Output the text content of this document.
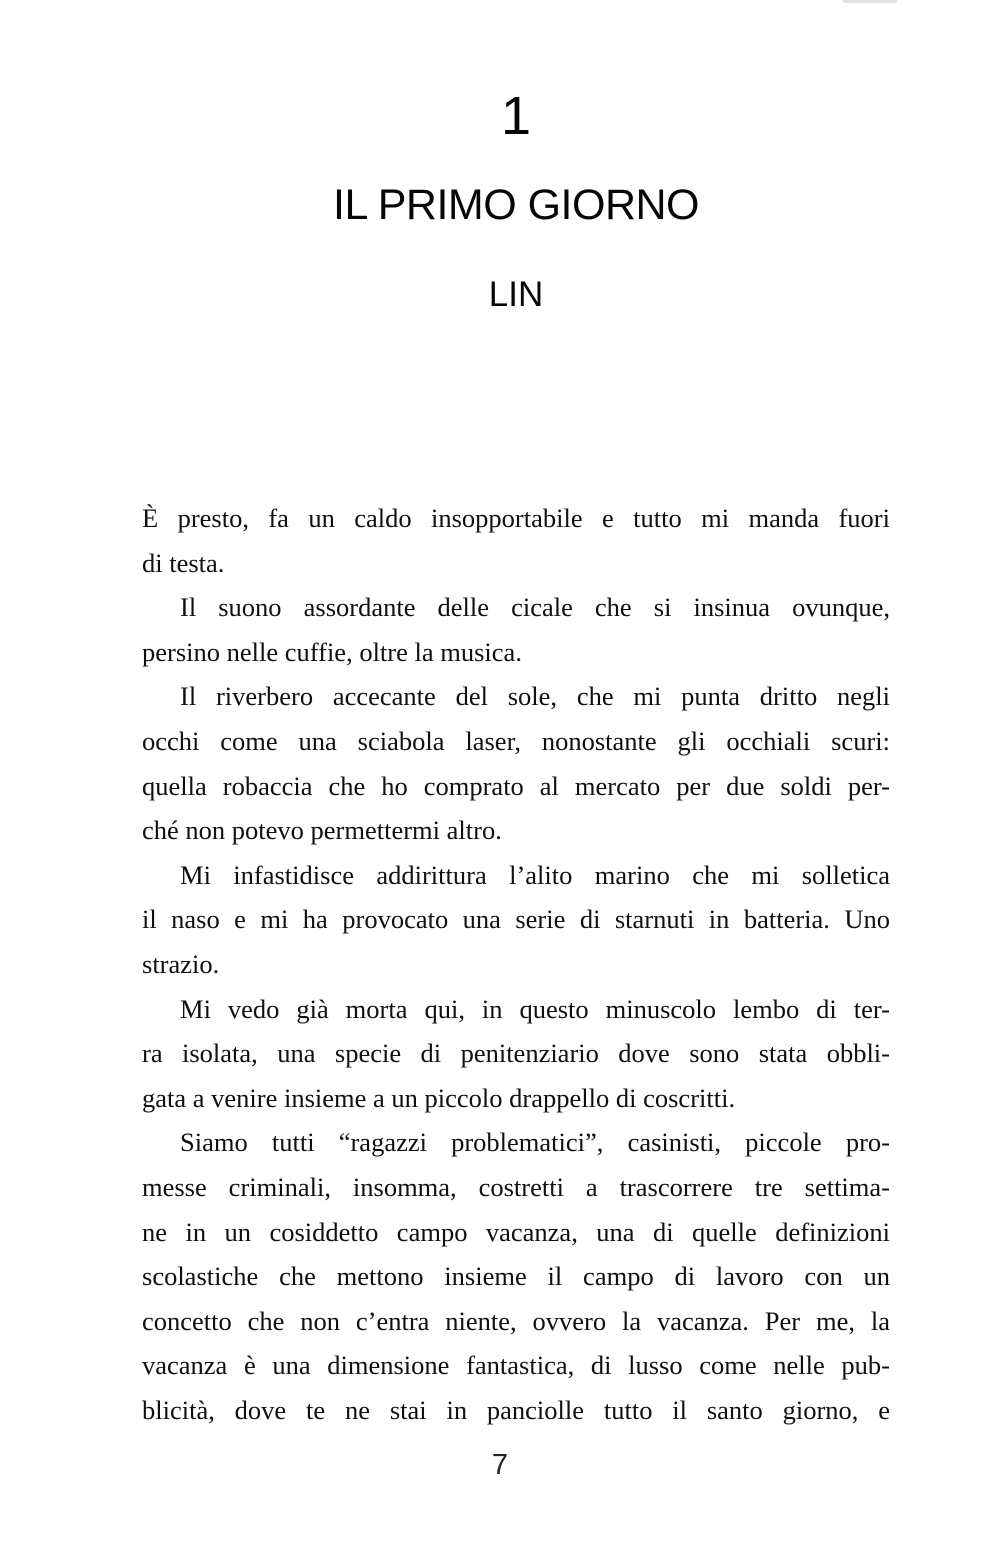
1
IL PRIMO GIORNO
LIN
È presto, fa un caldo insopportabile e tutto mi manda fuori
di testa.
Il suono assordante delle cicale che si insinua ovunque,
persino nelle cuffie, oltre la musica.
Il riverbero accecante del sole, che mi punta dritto negli
occhi come una sciabola laser, nonostante gli occhiali scuri:
quella robaccia che ho comprato al mercato per due soldi per-
ché non potevo permettermi altro.
Mi infastidisce addirittura l’alito marino che mi solletica
il naso e mi ha provocato una serie di starnuti in batteria. Uno
strazio.
Mi vedo già morta qui, in questo minuscolo lembo di ter-
ra isolata, una specie di penitenziario dove sono stata obbli-
gata a venire insieme a un piccolo drappello di coscritti.
Siamo tutti “ragazzi problematici”, casinisti, piccole pro-
messe criminali, insomma, costretti a trascorrere tre settima-
ne in un cosiddetto campo vacanza, una di quelle definizioni
scolastiche che mettono insieme il campo di lavoro con un
concetto che non c’entra niente, ovvero la vacanza. Per me, la
vacanza è una dimensione fantastica, di lusso come nelle pub-
blicità, dove te ne stai in panciolle tutto il santo giorno, e
7
